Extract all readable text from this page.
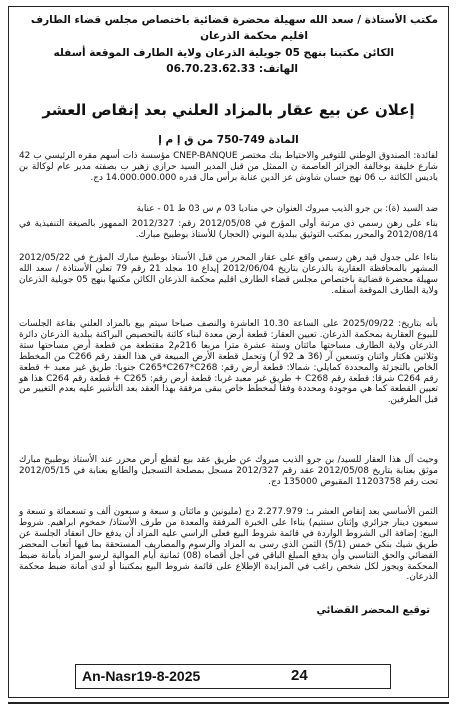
مكتب الأستاذة / سعد الله سهيلة محضرة قضائية باختصاص مجلس قضاء الطارف
اقليم محكمة الذرعان
الكائن مكتبنا بنهج 05 جويلية الذرعان ولاية الطارف الموقعة أسفله
الهاتف: 06.70.23.62.33
إعلان عن بيع عقار بالمزاد العلني بعد إنقاص العشر
المادة 749-750 من ق إ م إ
لفائدة: الصندوق الوطني للتوفير والاحتياط بنك مختصر CNEP-BANQUE مؤسسة ذات أسهم مقره الرئيسي ب 42 شارع خليفة بوخالفة الجزائر العاصمة ن الممثل من قبل المدير السيد حرازي زهير ب بصفته مدير عام لوكالة بن باديس الكائنة ب 06 نهج حسان شاوش عز الدين عنابة برأس مال قدره 14.000.000.000 دج.
ضد السيد (ة): بن جرو الذيب مبروك العنوان حي مناديا 03 م س 03 ط 01 - عنابة
بناء على رهن رسمي ذي مرتبة أولى المؤرخ في 2012/05/08 رقم: 2012/327 الممهور بالصيغة التنفيذية في 2012/08/14 والمحرر بمكتب التوثيق ببلدية البوني (الحجار) للأستاذ بوطبيخ مبارك.
بناءا على جدول قيد رهن رسمي واقع على عقار المحرر من قبل الأستاذ بوطبيخ مبارك المؤرخ في 2012/05/22 المشهر بالمحافظة العقارية بالذرعان بتاريخ 2012/06/04 إيداع 10 مجلد 21 رقم 79 تعلن الأستاذة / سعد الله سهيلة محضرة قضائية باختصاص مجلس قضاء الطارف اقليم محكمة الذرعان الكائن مكتبها بنهج 05 جويلية الذرعان ولاية الطارف الموقعة أسفله.
بأنه بتاريخ: 2025/09/22 على الساعة 10.30 العاشرة والنصف صباحا سيتم بيع بالمزاد العلني بقاعة الجلسات للبيوع العقارية بمحكمة الذرعان. تعيين العقار: قطعة أرض معدة لبناء كائنة بالتحصيص البراكنة ببلدية الذرعان دائرة الذرعان ولاية الطارف مساحتها مائتان وستة عشرة مترا مربعا 216م2 مقتطعة من قطعة أرض مساحتها ستة وثلاثين هكتار واثنان وتسعين آر (36 هـ 92 آر) وتحمل قطعة الأرض المبيعة في هذا العقد رقم C266 من المخطط الخاص بالتجزئة والمحددة كمايلي: شمالا: قطعة أرض رقم: C265*C267*C268 جنوبا: طريق غير معبد + قطعة رقم C264 شرقا: قطعة رقم C268 + طريق غير معبد غربا: قطعة أرض رقم: C265 + قطعة رقم C264 هذا هو تعيين القطعة كما هي موجودة ومحددة وفقا لمخطط خاص ببقى مرفقة بهذا العقد بعد التأشير عليه بعدم التغيير من قبل الطرفين.
وحيث آل هذا العقار للسيد/ بن جرو الذيب مبروك عن طريق عقد بيع لقطع أرض محرر عند الأستاذ بوطبيخ مبارك موثق بعنابة بتاريخ 2012/05/08 عقد رقم 2012/327 مسجل بمصلحة التسجيل والطابع بعنابة في 2012/05/15 تحت رقم 11203758 المقبوض 135000 دج.
الثمن الأساسي بعد إنقاص العشر بـ: 2.277.979 دج (مليونين و مائتان و سبعة و سبعون ألف و تسعمائة و تسعة و سبعون دينار جزائري وإثنان سنتيم) بناءا على الخبرة المرفقة والمعدة من طرف الأستاذ/ خمخوم ابراهيم. شروط البيع: إضافة الى الشروط الواردة في قائمة شروط البيع فعلى الراسي عليه المزاد أن يدفع حال انعقاد الجلسة عن طريق شيك بنكي خمس (5/1) الثمن الذي رسى به المزاد والرسوم والمصاريف المستحقة بما فيها أتعاب المحضر القضائي والحق التناسبي وأن يدفع المبلغ الباقي في أجل أقصاه (08) ثمانية أيام الموالية لرسو المزاد بأمانة ضبط المحكمة ويجوز لكل شخص راغب في المزايدة الإطلاع على قائمة شروط البيع بمكتبنا أو لدى أمانة ضبط محكمة الذرعان.
توقيع المحضر القضائي
An-Nasr19-8-2025	24
